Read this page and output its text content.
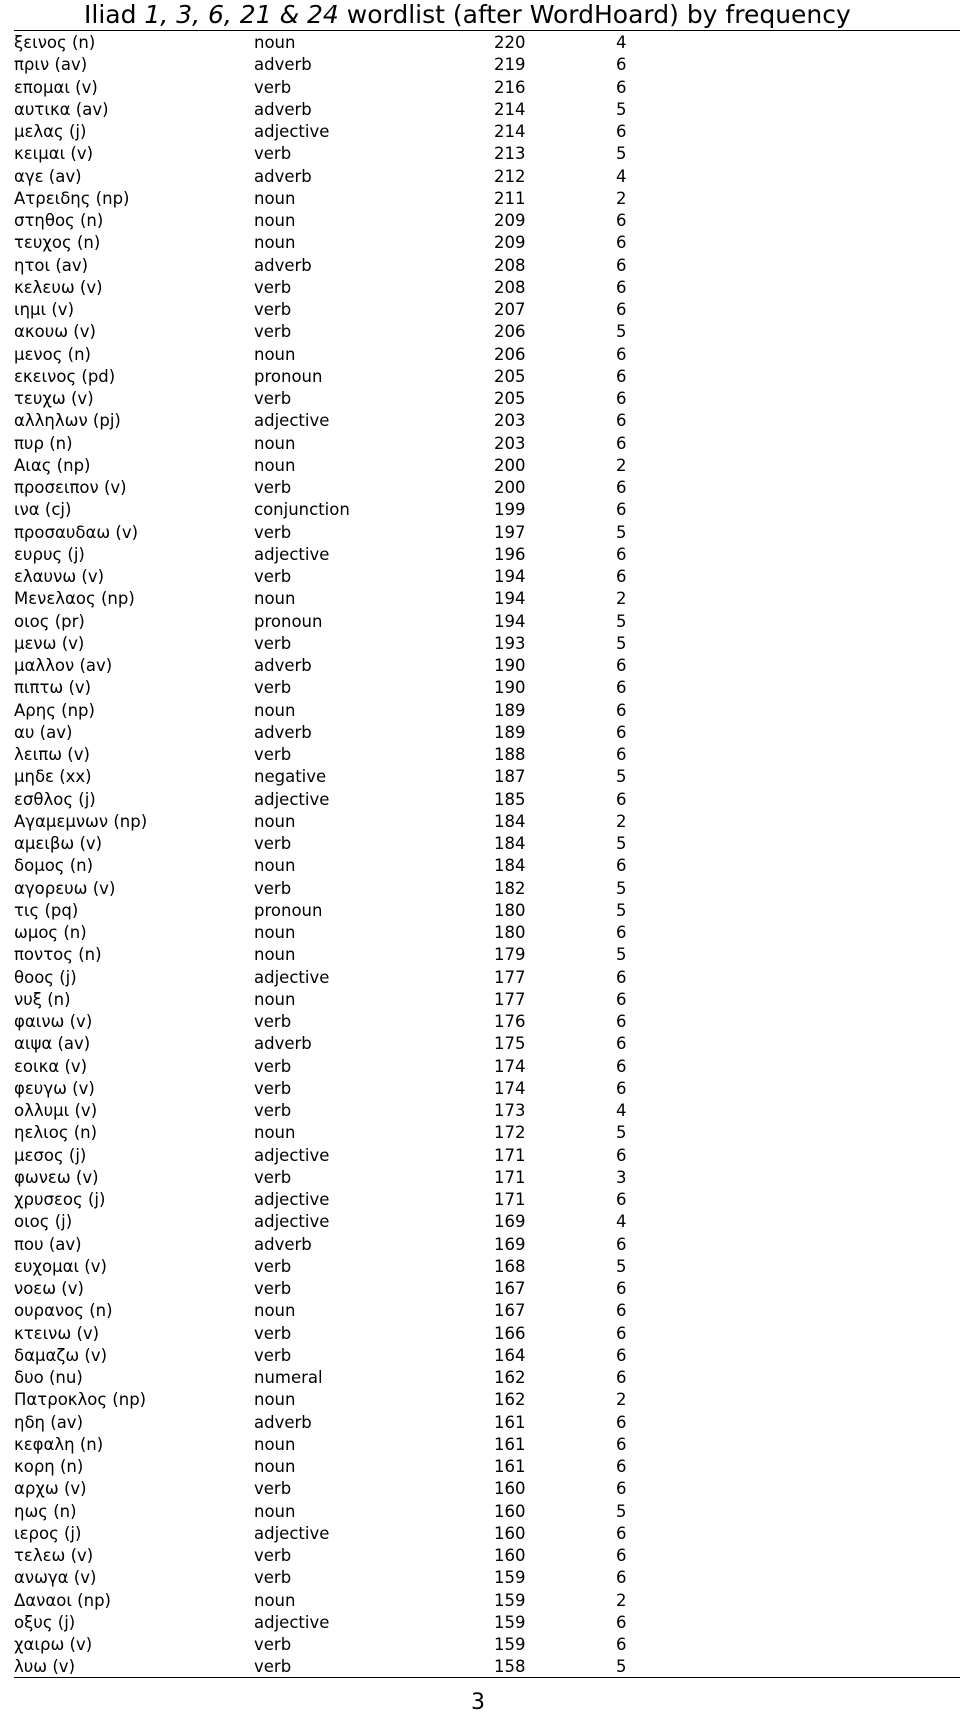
Iliad 1, 3, 6, 21 & 24 wordlist (after WordHoard) by frequency
ξεινος (n)	noun	220	4
πριν (av)	adverb	219	6
επομαι (v)	verb	216	6
αυτικα (av)	adverb	214	5
μελας (j)	adjective	214	6
κειμαι (v)	verb	213	5
αγε (av)	adverb	212	4
Ατρειδης (np)	noun	211	2
στηθος (n)	noun	209	6
τευχος (n)	noun	209	6
ητοι (av)	adverb	208	6
κελευω (v)	verb	208	6
ιημι (v)	verb	207	6
ακουω (v)	verb	206	5
μενος (n)	noun	206	6
εκεινος (pd)	pronoun	205	6
τευχω (v)	verb	205	6
αλληλων (pj)	adjective	203	6
πυρ (n)	noun	203	6
Αιας (np)	noun	200	2
προσειπον (v)	verb	200	6
ινα (cj)	conjunction	199	6
προσαυδαω (v)	verb	197	5
ευρυς (j)	adjective	196	6
ελαυνω (v)	verb	194	6
Μενελαος (np)	noun	194	2
οιος (pr)	pronoun	194	5
μενω (v)	verb	193	5
μαλλον (av)	adverb	190	6
πιπτω (v)	verb	190	6
Αρης (np)	noun	189	6
αυ (av)	adverb	189	6
λειπω (v)	verb	188	6
μηδε (xx)	negative	187	5
εσθλος (j)	adjective	185	6
Αγαμεμνων (np)	noun	184	2
αμειβω (v)	verb	184	5
δομος (n)	noun	184	6
αγορευω (v)	verb	182	5
τις (pq)	pronoun	180	5
ωμος (n)	noun	180	6
ποντος (n)	noun	179	5
θοος (j)	adjective	177	6
νυξ (n)	noun	177	6
φαινω (v)	verb	176	6
αιψα (av)	adverb	175	6
εοικα (v)	verb	174	6
φευγω (v)	verb	174	6
ολλυμι (v)	verb	173	4
ηελιος (n)	noun	172	5
μεσος (j)	adjective	171	6
φωνεω (v)	verb	171	3
χρυσεος (j)	adjective	171	6
οιος (j)	adjective	169	4
που (av)	adverb	169	6
ευχομαι (v)	verb	168	5
νοεω (v)	verb	167	6
ουρανος (n)	noun	167	6
κτεινω (v)	verb	166	6
δαμαζω (v)	verb	164	6
δυο (nu)	numeral	162	6
Πατροκλος (np)	noun	162	2
ηδη (av)	adverb	161	6
κεφαλη (n)	noun	161	6
κορη (n)	noun	161	6
αρχω (v)	verb	160	6
ηως (n)	noun	160	5
ιερος (j)	adjective	160	6
τελεω (v)	verb	160	6
ανωγα (v)	verb	159	6
Δαναοι (np)	noun	159	2
οξυς (j)	adjective	159	6
χαιρω (v)	verb	159	6
λυω (v)	verb	158	5
3
